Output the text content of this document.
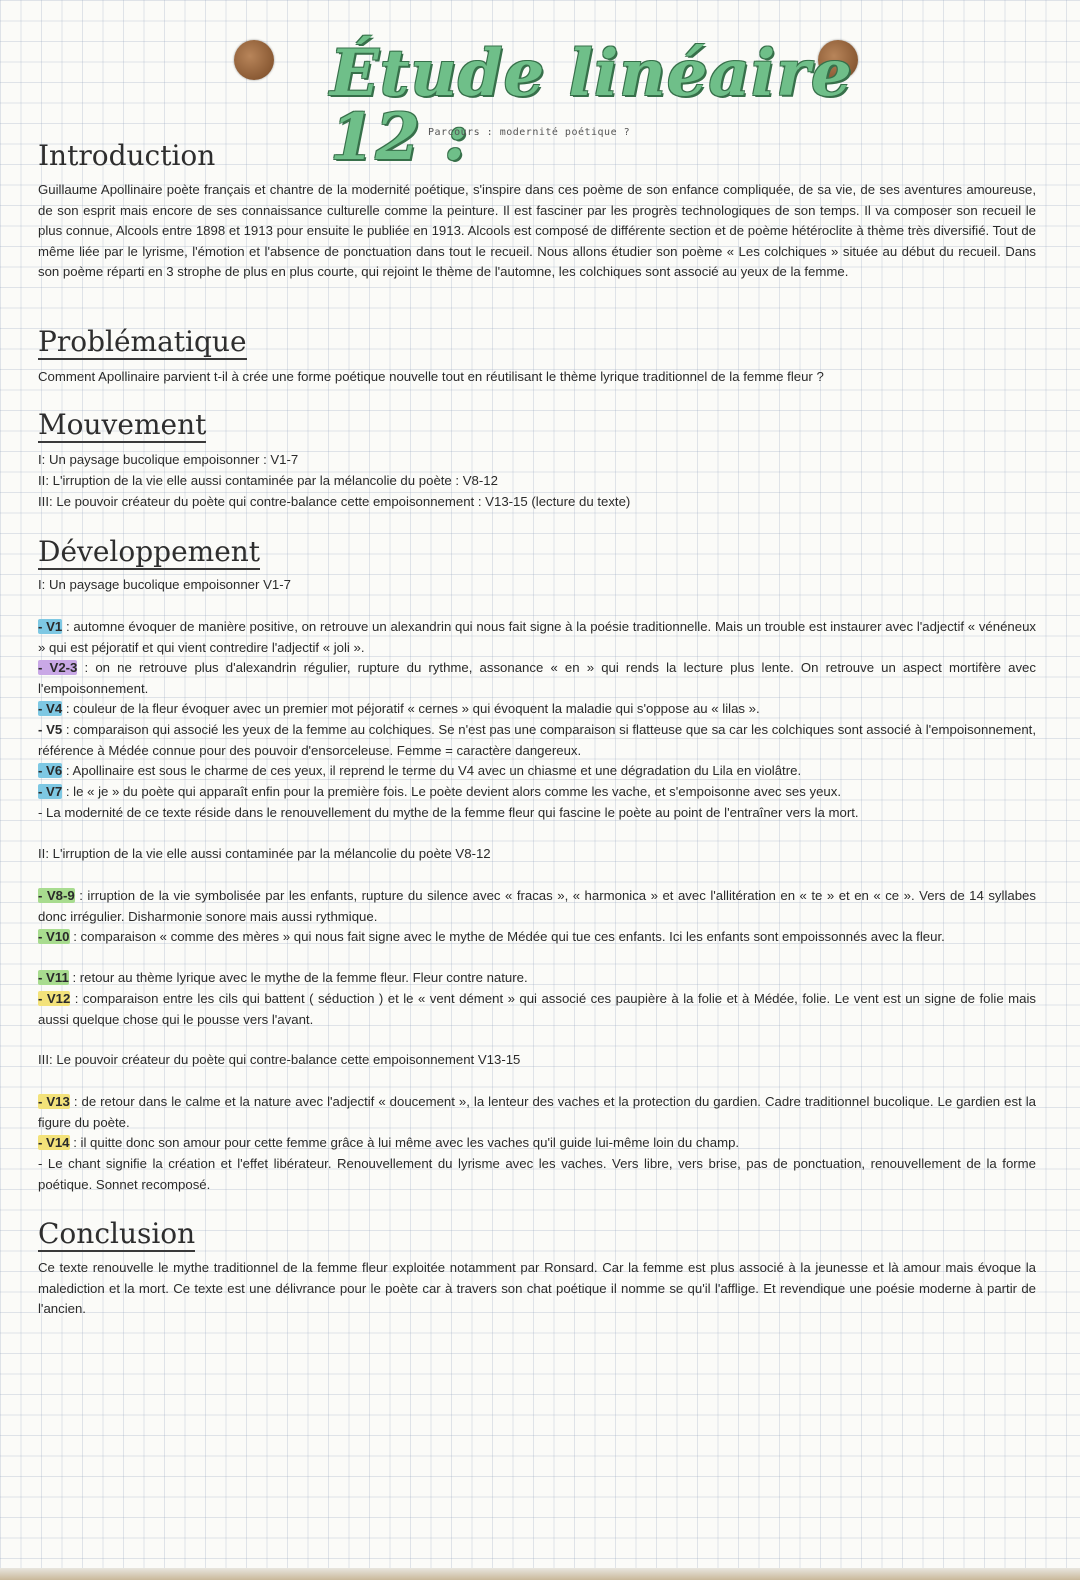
Étude linéaire 12 :
Parcours : modernité poétique ?
Introduction
Guillaume Apollinaire poète français et chantre de la modernité poétique, s'inspire dans ces poème de son enfance compliquée, de sa vie, de ses aventures amoureuse, de son esprit mais encore de ses connaissance culturelle comme la peinture. Il est fasciner par les progrès technologiques de son temps. Il va composer son recueil le plus connue, Alcools entre 1898 et 1913 pour ensuite le publiée en 1913. Alcools est composé de différente section et de poème hétéroclite à thème très diversifié. Tout de même liée par le lyrisme, l'émotion et l'absence de ponctuation dans tout le recueil. Nous allons étudier son poème « Les colchiques » située au début du recueil. Dans son poème réparti en 3 strophe de plus en plus courte, qui rejoint le thème de l'automne, les colchiques sont associé au yeux de la femme.
Problématique
Comment Apollinaire parvient t-il à crée une forme poétique nouvelle tout en réutilisant le thème lyrique traditionnel de la femme fleur ?
Mouvement
I: Un paysage bucolique empoisonner : V1-7
II: L'irruption de la vie elle aussi contaminée par la mélancolie du poète : V8-12
III: Le pouvoir créateur du poète qui contre-balance cette empoisonnement : V13-15 (lecture du texte)
Développement
I: Un paysage bucolique empoisonner V1-7
- V1 : automne évoquer de manière positive, on retrouve un alexandrin qui nous fait signe à la poésie traditionnelle. Mais un trouble est instaurer avec l'adjectif « vénéneux » qui est péjoratif et qui vient contredire l'adjectif « joli ».
- V2-3 : on ne retrouve plus d'alexandrin régulier, rupture du rythme, assonance « en » qui rends la lecture plus lente. On retrouve un aspect mortifère avec l'empoisonnement.
- V4 : couleur de la fleur évoquer avec un premier mot péjoratif « cernes » qui évoquent la maladie qui s'oppose au « lilas ».
- V5 : comparaison qui associé les yeux de la femme au colchiques. Se n'est pas une comparaison si flatteuse que sa car les colchiques sont associé à l'empoisonnement, référence à Médée connue pour des pouvoir d'ensorceleuse. Femme = caractère dangereux.
- V6 : Apollinaire est sous le charme de ces yeux, il reprend le terme du V4 avec un chiasme et une dégradation du Lila en violâtre.
- V7 : le « je » du poète qui apparaît enfin pour la première fois. Le poète devient alors comme les vache, et s'empoisonne avec ses yeux.
- La modernité de ce texte réside dans le renouvellement du mythe de la femme fleur qui fascine le poète au point de l'entraîner vers la mort.
II: L'irruption de la vie elle aussi contaminée par la mélancolie du poète V8-12
- V8-9 : irruption de la vie symbolisée par les enfants, rupture du silence avec « fracas », « harmonica » et avec l'allitération en « te » et en « ce ». Vers de 14 syllabes donc irrégulier. Disharmonie sonore mais aussi rythmique.
- V10 : comparaison « comme des mères » qui nous fait signe avec le mythe de Médée qui tue ces enfants. Ici les enfants sont empoissonnés avec la fleur.
- V11 : retour au thème lyrique avec le mythe de la femme fleur. Fleur contre nature.
- V12 : comparaison entre les cils qui battent ( séduction ) et le « vent dément » qui associé ces paupière à la folie et à Médée, folie. Le vent est un signe de folie mais aussi quelque chose qui le pousse vers l'avant.
III: Le pouvoir créateur du poète qui contre-balance cette empoisonnement V13-15
- V13 : de retour dans le calme et la nature avec l'adjectif « doucement », la lenteur des vaches et la protection du gardien. Cadre traditionnel bucolique. Le gardien est la figure du poète.
- V14 : il quitte donc son amour pour cette femme grâce à lui même avec les vaches qu'il guide lui-même loin du champ.
- Le chant signifie la création et l'effet libérateur. Renouvellement du lyrisme avec les vaches. Vers libre, vers brise, pas de ponctuation, renouvellement de la forme poétique. Sonnet recomposé.
Conclusion
Ce texte renouvelle le mythe traditionnel de la femme fleur exploitée notamment par Ronsard. Car la femme est plus associé à la jeunesse et là amour mais évoque la malediction et la mort. Ce texte est une délivrance pour le poète car à travers son chat poétique il nomme se qu'il l'afflige. Et revendique une poésie moderne à partir de l'ancien.
